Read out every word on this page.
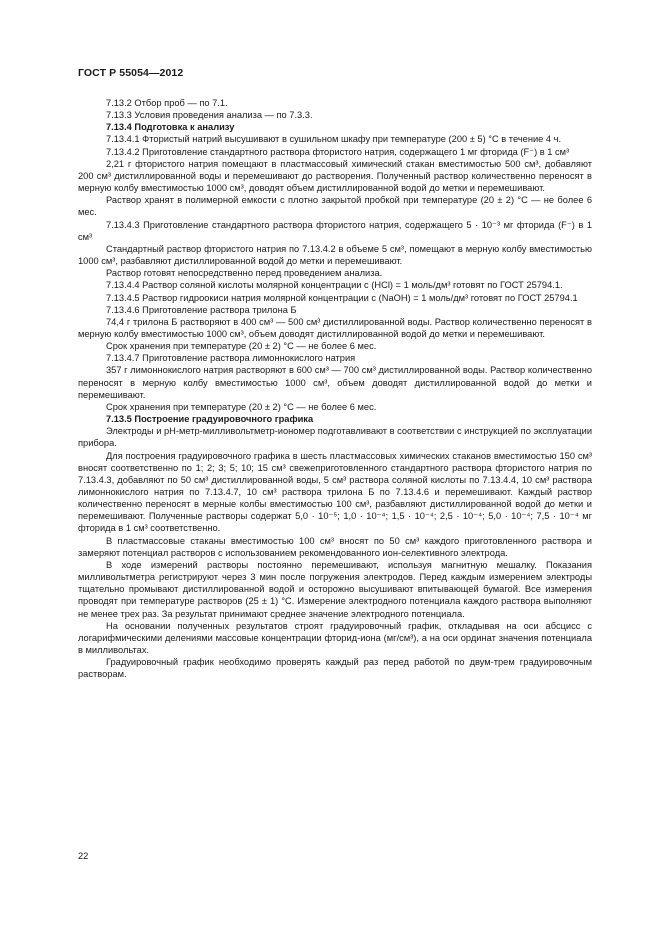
ГОСТ Р 55054—2012

7.13.2 Отбор проб — по 7.1.

7.13.3 Условия проведения анализа — по 7.3.3.

7.13.4 Подготовка к анализу

7.13.4.1 Фтористый натрий высушивают в сушильном шкафу при температуре (200 ± 5) °С в течение 4 ч.

7.13.4.2 Приготовление стандартного раствора фтористого натрия, содержащего 1 мг фторида (F⁻) в 1 см³

2,21 г фтористого натрия помещают в пластмассовый химический стакан вместимостью 500 см³, добавляют 200 см³ дистиллированной воды и перемешивают до растворения. Полученный раствор количественно переносят в мерную колбу вместимостью 1000 см³, доводят объем дистиллированной водой до метки и перемешивают.

Раствор хранят в полимерной емкости с плотно закрытой пробкой при температуре (20 ± 2) °С — не более 6 мес.

7.13.4.3 Приготовление стандартного раствора фтористого натрия, содержащего 5 · 10⁻³ мг фторида (F⁻) в 1 см³

Стандартный раствор фтористого натрия по 7.13.4.2 в объеме 5 см³, помещают в мерную колбу вместимостью 1000 см³, разбавляют дистиллированной водой до метки и перемешивают.

Раствор готовят непосредственно перед проведением анализа.

7.13.4.4 Раствор соляной кислоты молярной концентрации c (HCl) = 1 моль/дм³ готовят по ГОСТ 25794.1.

7.13.4.5 Раствор гидроокиси натрия молярной концентрации c (NaOH) = 1 моль/дм³ готовят по ГОСТ 25794.1

7.13.4.6 Приготовление раствора трилона Б

74,4 г трилона Б растворяют в 400 см³ — 500 см³ дистиллированной воды. Раствор количественно переносят в мерную колбу вместимостью 1000 см³, объем доводят дистиллированной водой до метки и перемешивают.

Срок хранения при температуре (20 ± 2) °С — не более 6 мес.

7.13.4.7 Приготовление раствора лимоннокислого натрия

357 г лимоннокислого натрия растворяют в 600 см³ — 700 см³ дистиллированной воды. Раствор количественно переносят в мерную колбу вместимостью 1000 см³, объем доводят дистиллированной водой до метки и перемешивают.

Срок хранения при температуре (20 ± 2) °С — не более 6 мес.

7.13.5 Построение градуировочного графика

Электроды и pH-метр-милливольтметр-иономер подготавливают в соответствии с инструкцией по эксплуатации прибора.

Для построения градуировочного графика в шесть пластмассовых химических стаканов вместимостью 150 см³ вносят соответственно по 1; 2; 3; 5; 10; 15 см³ свежеприготовленного стандартного раствора фтористого натрия по 7.13.4.3, добавляют по 50 см³ дистиллированной воды, 5 см³ раствора соляной кислоты по 7.13.4.4, 10 см³ раствора лимоннокислого натрия по 7.13.4.7, 10 см³ раствора трилона Б по 7.13.4.6 и перемешивают. Каждый раствор количественно переносят в мерные колбы вместимостью 100 см³, разбавляют дистиллированной водой до метки и перемешивают. Полученные растворы содержат 5,0 · 10⁻⁵; 1,0 · 10⁻⁴; 1,5 · 10⁻⁴; 2,5 · 10⁻⁴; 5,0 · 10⁻⁴; 7,5 · 10⁻⁴ мг фторида в 1 см³ соответственно.

В пластмассовые стаканы вместимостью 100 см³ вносят по 50 см³ каждого приготовленного раствора и замеряют потенциал растворов с использованием рекомендованного ион-селективного электрода.

В ходе измерений растворы постоянно перемешивают, используя магнитную мешалку. Показания милливольтметра регистрируют через 3 мин после погружения электродов. Перед каждым измерением электроды тщательно промывают дистиллированной водой и осторожно высушивают впитывающей бумагой. Все измерения проводят при температуре растворов (25 ± 1) °С. Измерение электродного потенциала каждого раствора выполняют не менее трех раз. За результат принимают среднее значение электродного потенциала.

На основании полученных результатов строят градуировочный график, откладывая на оси абсцисс с логарифмическими делениями массовые концентрации фторид-иона (мг/см³), а на оси ординат значения потенциала в милливольтах.

Градуировочный график необходимо проверять каждый раз перед работой по двум-трем градуировочным растворам.

22
